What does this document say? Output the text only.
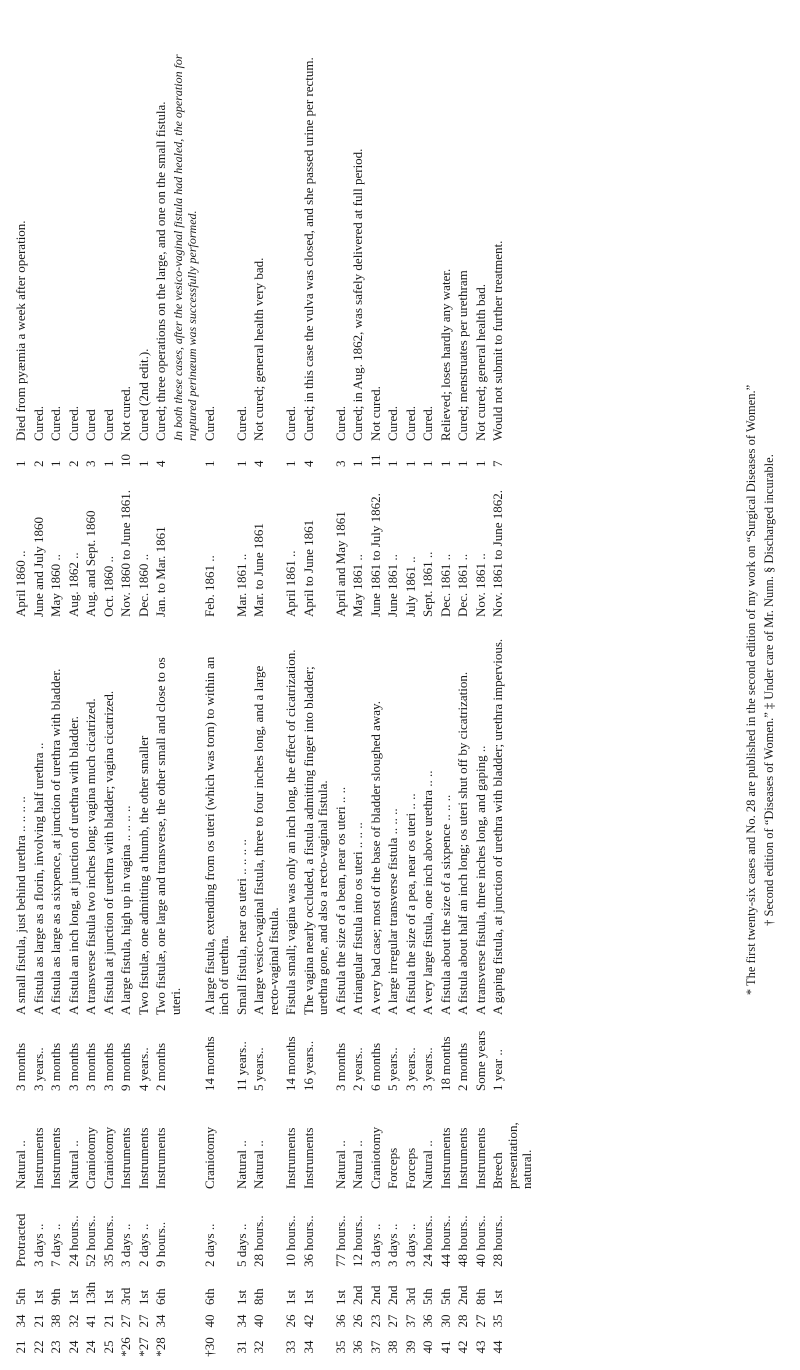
21	34	5th	Protracted	Natural ..	3 months	A small fistula, just behind urethra .. .. .. ..		April 1860 ..	1	Died from pyæmia a week after operation.
22	21	1st	3 days ..	Instruments	3 years..	A fistula as large as a florin, involving half urethra ..		June and July 1860	2	Cured.
23	38	9th	7 days ..	Instruments	3 months	A fistula as large as a sixpence, at junction of urethra with bladder.		May 1860 ..	1	Cured.
24	32	1st	24 hours..	Natural ..	3 months	A fistula an inch long, at junction of urethra with bladder.		Aug. 1862 ..	2	Cured.
24	41	13th	52 hours..	Craniotomy	3 months	A transverse fistula two inches long; vagina much cicatrized.		Aug. and Sept. 1860	3	Cured
25	21	1st	35 hours..	Craniotomy	3 months	A fistula at junction of urethra with bladder; vagina cicatrized.		Oct. 1860 ..	1	Cured
*26	27	3rd	3 days ..	Instruments	9 months	A large fistula, high up in vagina .. .. .. ..		Nov. 1860 to June 1861.	10	Not cured.
*27	27	1st	2 days ..	Instruments	4 years..	Two fistulæ, one admitting a thumb, the other smaller		Dec. 1860 ..	1	Cured (2nd edit.).
*28	34	6th	9 hours..	Instruments	2 months	Two fistulæ, one large and transverse, the other small and close to os uteri.		Jan. to Mar. 1861	4	Cured; three operations on the large, and one on the small fistula. In both these cases, after the vesico-vaginal fistula had healed, the operation for ruptured perinæum was successfully performed.

†30	40	6th	2 days ..	Craniotomy	14 months	A large fistula, extending from os uteri (which was torn) to within an inch of urethra.		Feb. 1861 ..	1	Cured.
31	34	1st	5 days ..	Natural ..	11 years..	Small fistula, near os uteri .. .. .. ..		Mar. 1861 ..	1	Cured.
32	40	8th	28 hours..	Natural ..	5 years..	A large vesico-vaginal fistula, three to four inches long, and a large recto-vaginal fistula.		Mar. to June 1861	4	Not cured; general health very bad.
33	26	1st	10 hours..	Instruments	14 months	Fistula small; vagina was only an inch long, the effect of cicatrization.		April 1861 ..	1	Cured.
34	42	1st	36 hours..	Instruments	16 years..	The vagina nearly occluded, a fistula admitting finger into bladder; urethra gone, and also a recto-vaginal fistula.		April to June 1861	4	Cured; in this case the vulva was closed, and she passed urine per rectum.
35	36	1st	77 hours..	Natural ..	3 months	A fistula the size of a bean, near os uteri .. ..		April and May 1861	3	Cured.
36	26	2nd	12 hours..	Natural ..	2 years..	A triangular fistula into os uteri .. .. ..		May 1861 ..	1	Cured; in Aug. 1862, was safely delivered at full period.
37	23	2nd	3 days ..	Craniotomy	6 months	A very bad case; most of the base of bladder sloughed away.		June 1861 to July 1862.	11	Not cured.
38	27	2nd	3 days ..	Forceps	5 years..	A large irregular transverse fistula .. .. ..		June 1861 ..	1	Cured.
39	37	3rd	3 days ..	Forceps	3 years..	A fistula the size of a pea, near os uteri .. ..		July 1861 ..	1	Cured.
40	36	5th	24 hours..	Natural ..	3 years..	A very large fistula, one inch above urethra .. ..		Sept. 1861 ..	1	Cured.
41	30	5th	44 hours..	Instruments	18 months	A fistula about the size of a sixpence .. .. ..		Dec. 1861 ..	1	Relieved; loses hardly any water.
42	28	2nd	48 hours..	Instruments	2 months	A fistula about half an inch long; os uteri shut off by cicatrization.		Dec. 1861 ..	1	Cured; menstruates per urethram
43	27	8th	40 hours..	Instruments	Some years	A transverse fistula, three inches long, and gaping ..		Nov. 1861 ..	1	Not cured; general health bad.
44	35	1st	28 hours..	Breech presentation, natural.	1 year ..	A gaping fistula, at junction of urethra with bladder; urethra impervious.		Nov. 1861 to June 1862.	7	Would not submit to further treatment.
* The first twenty-six cases and No. 28 are published in the second edition of my work on “Surgical Diseases of Women.” † Second edition of “Diseases of Women.” ‡ Under care of Mr. Nunn. § Discharged incurable.
